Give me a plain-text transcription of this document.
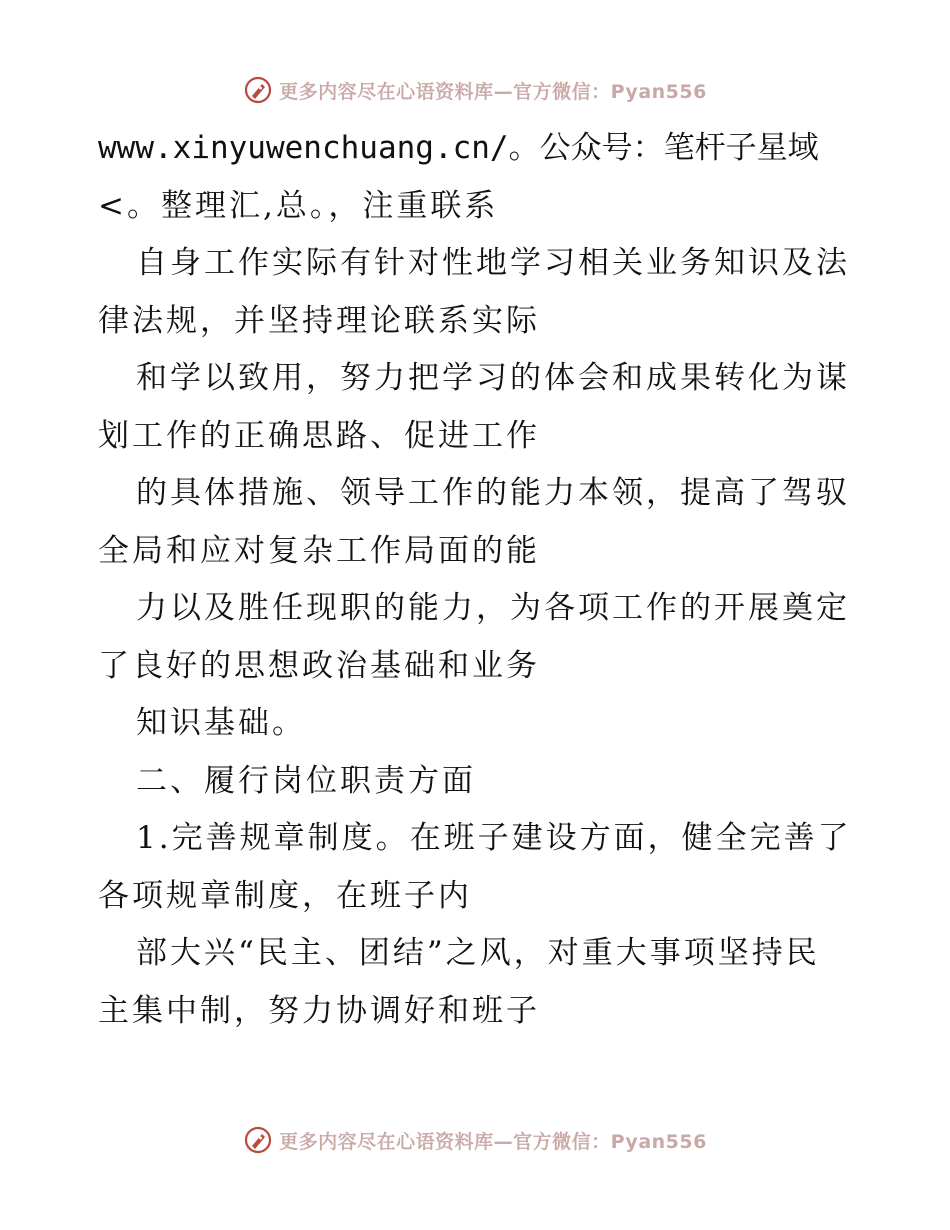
更多内容尽在心语资料库—官方微信：Pyan556
www.xinyuwenchuang.cn/。公众号：笔杆子星域
<。整理汇,总。，注重联系
自身工作实际有针对性地学习相关业务知识及法
律法规，并坚持理论联系实际
和学以致用，努力把学习的体会和成果转化为谋
划工作的正确思路、促进工作
的具体措施、领导工作的能力本领，提高了驾驭
全局和应对复杂工作局面的能
力以及胜任现职的能力，为各项工作的开展奠定
了良好的思想政治基础和业务
知识基础。
二、履行岗位职责方面
1.完善规章制度。在班子建设方面，健全完善了
各项规章制度，在班子内
部大兴“民主、团结”之风，对重大事项坚持民
主集中制，努力协调好和班子
更多内容尽在心语资料库—官方微信：Pyan556
